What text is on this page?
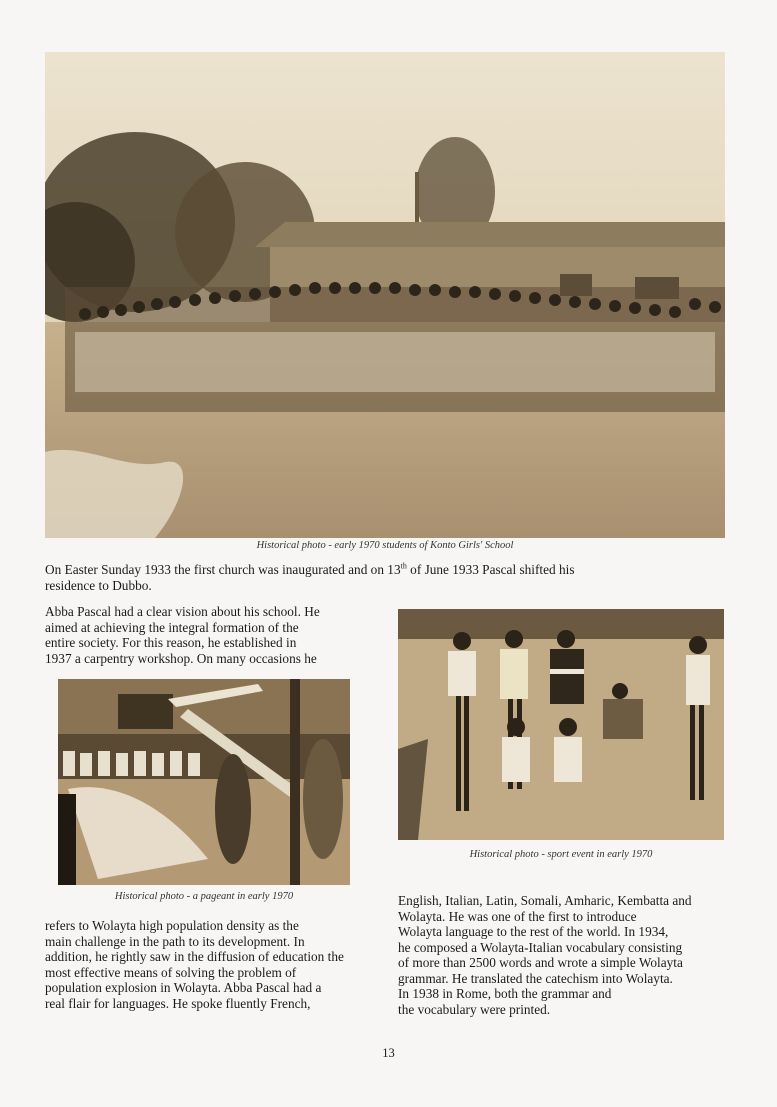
Historical photo - early 1970 students of Konto Girls' School
On Easter Sunday 1933 the first church was inaugurated and on 13th of June 1933 Pascal shifted his
residence to Dubbo.
Abba Pascal had a clear vision about his school. He
aimed at achieving the integral formation of the
entire society. For this reason, he established in
1937 a carpentry workshop. On many occasions he
Historical photo - a pageant in early 1970
Historical photo - sport event in early 1970
refers to Wolayta high population density as the
main challenge in the path to its development. In
addition, he rightly saw in the diffusion of education the
most effective means of solving the problem of
population explosion in Wolayta. Abba Pascal had a
real flair for languages. He spoke fluently French,
English, Italian, Latin, Somali, Amharic, Kembatta and
Wolayta. He was one of the first to introduce
Wolayta language to the rest of the world. In 1934,
he composed a Wolayta-Italian vocabulary consisting
of more than 2500 words and wrote a simple Wolayta
grammar. He translated the catechism into Wolayta.
In 1938 in Rome, both the grammar and
the vocabulary were printed.
13
